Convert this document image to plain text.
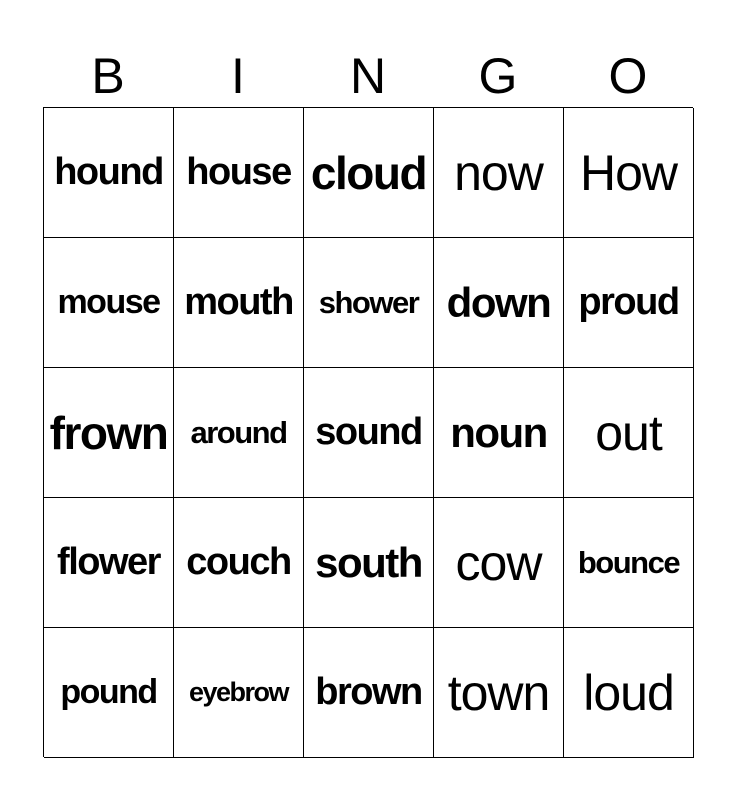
B	I	N	G	O
hound house cloud now How
mouse mouth shower down proud
frown around sound noun out
flower couch south cow bounce
pound eyebrow brown town loud
